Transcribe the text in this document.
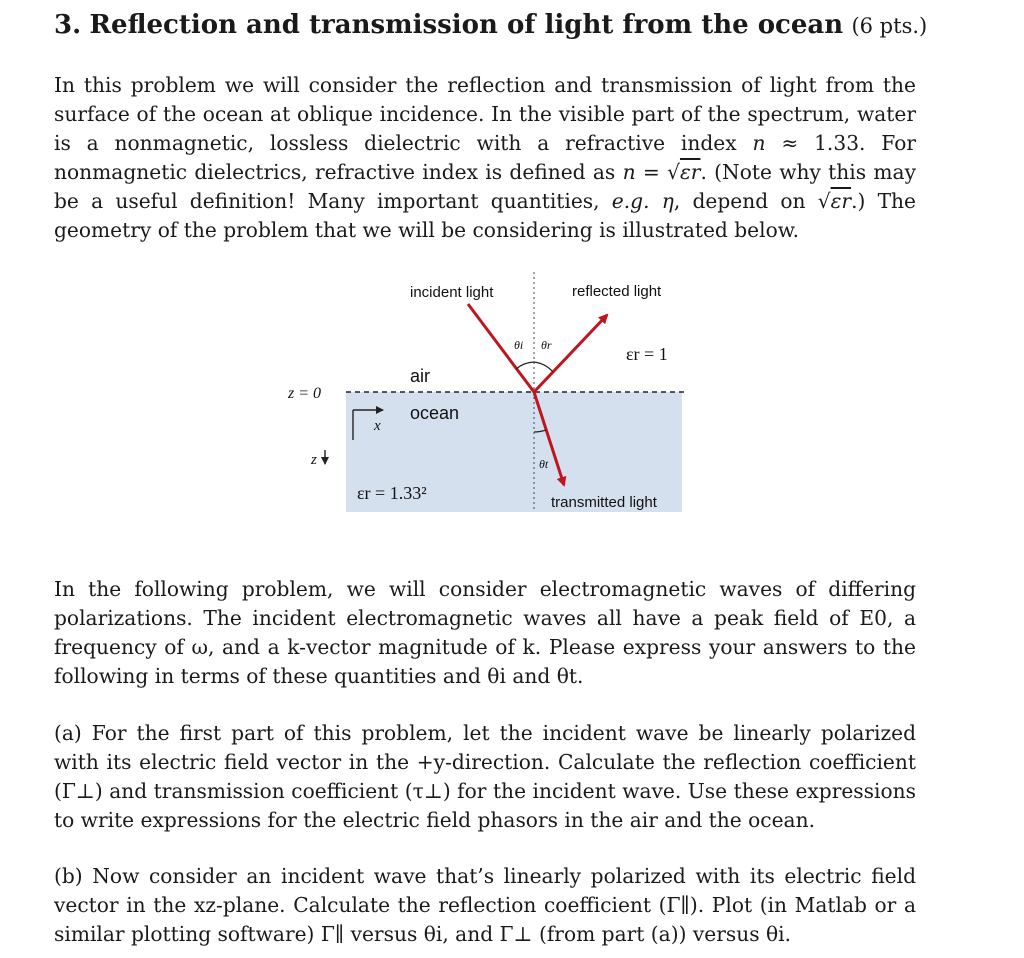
3. Reflection and transmission of light from the ocean (6 pts.)
In this problem we will consider the reflection and transmission of light from the surface of the ocean at oblique incidence. In the visible part of the spectrum, water is a nonmagnetic, lossless dielectric with a refractive index n ≈ 1.33. For nonmagnetic dielectrics, refractive index is defined as n = √εr. (Note why this may be a useful definition! Many important quantities, e.g. η, depend on √εr.) The geometry of the problem that we will be considering is illustrated below.
incident light	reflected light
transmitted light
air
ocean
z = 0
x
z
θi θr
θt
εr = 1
εr = 1.33²
In the following problem, we will consider electromagnetic waves of differing polarizations. The incident electromagnetic waves all have a peak field of E0, a frequency of ω, and a k-vector magnitude of k. Please express your answers to the following in terms of these quantities and θi and θt.
(a) For the first part of this problem, let the incident wave be linearly polarized with its electric field vector in the +y-direction. Calculate the reflection coefficient (Γ⊥) and transmission coefficient (τ⊥) for the incident wave. Use these expressions to write expressions for the electric field phasors in the air and the ocean.
(b) Now consider an incident wave that’s linearly polarized with its electric field vector in the xz-plane. Calculate the reflection coefficient (Γ∥). Plot (in Matlab or a similar plotting software) Γ∥ versus θi, and Γ⊥ (from part (a)) versus θi.
